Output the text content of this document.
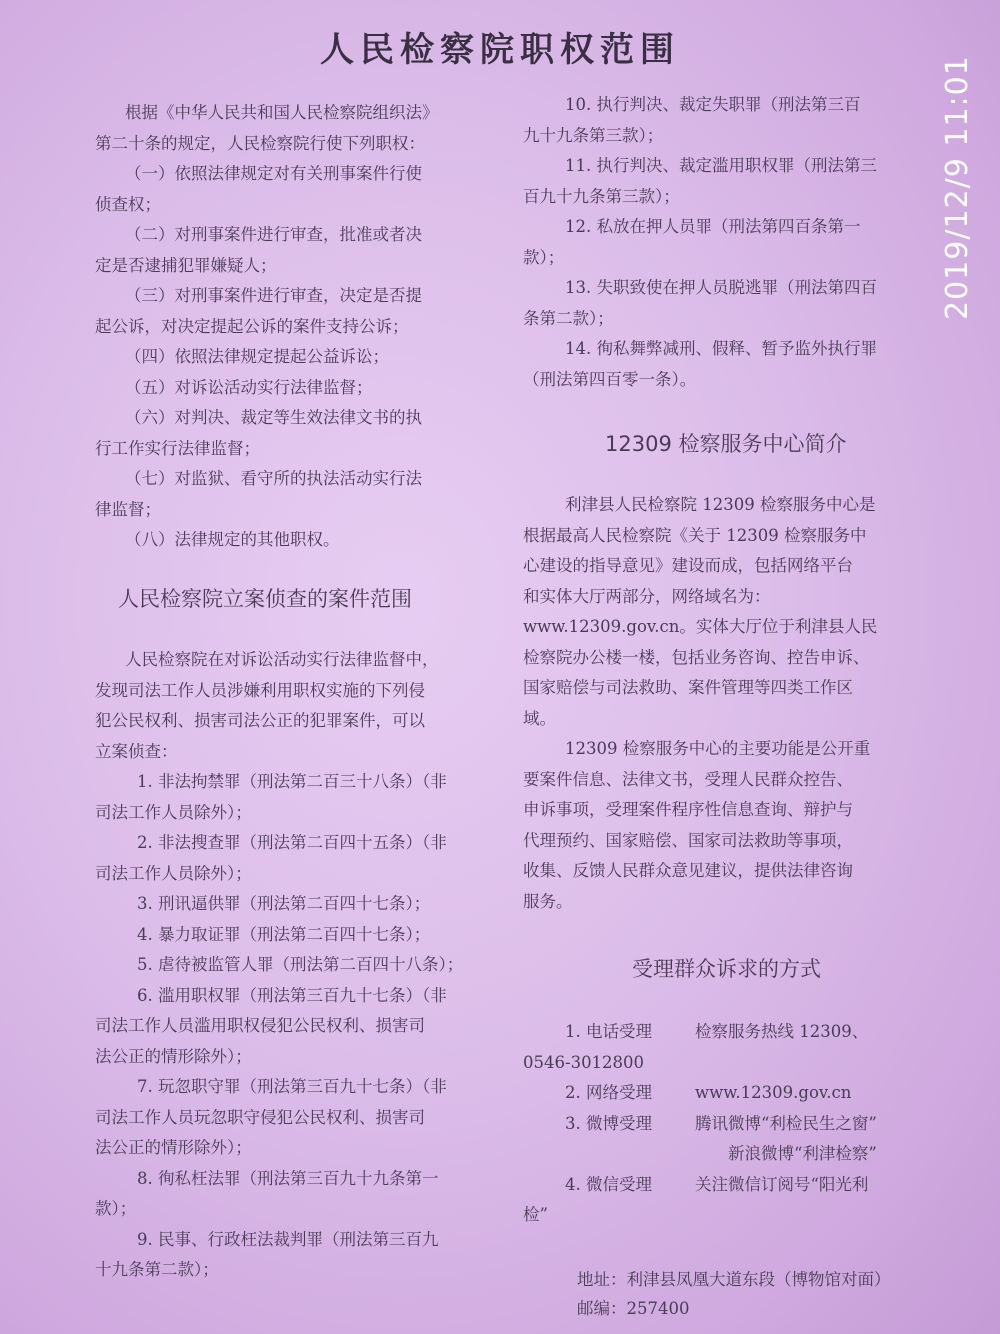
人民检察院职权范围
2019/12/9 11:01
根据《中华人民共和国人民检察院组织法》
第二十条的规定，人民检察院行使下列职权：
（一）依照法律规定对有关刑事案件行使
侦查权；
（二）对刑事案件进行审查，批准或者决
定是否逮捕犯罪嫌疑人；
（三）对刑事案件进行审查，决定是否提
起公诉，对决定提起公诉的案件支持公诉；
（四）依照法律规定提起公益诉讼；
（五）对诉讼活动实行法律监督；
（六）对判决、裁定等生效法律文书的执
行工作实行法律监督；
（七）对监狱、看守所的执法活动实行法
律监督；
（八）法律规定的其他职权。
人民检察院立案侦查的案件范围
人民检察院在对诉讼活动实行法律监督中，
发现司法工作人员涉嫌利用职权实施的下列侵
犯公民权利、损害司法公正的犯罪案件，可以
立案侦查：
1. 非法拘禁罪（刑法第二百三十八条）（非
司法工作人员除外）；
2. 非法搜查罪（刑法第二百四十五条）（非
司法工作人员除外）；
3. 刑讯逼供罪（刑法第二百四十七条）；
4. 暴力取证罪（刑法第二百四十七条）；
5. 虐待被监管人罪（刑法第二百四十八条）；
6. 滥用职权罪（刑法第三百九十七条）（非
司法工作人员滥用职权侵犯公民权利、损害司
法公正的情形除外）；
7. 玩忽职守罪（刑法第三百九十七条）（非
司法工作人员玩忽职守侵犯公民权利、损害司
法公正的情形除外）；
8. 徇私枉法罪（刑法第三百九十九条第一
款）；
9. 民事、行政枉法裁判罪（刑法第三百九
十九条第二款）；
10. 执行判决、裁定失职罪（刑法第三百
九十九条第三款）；
11. 执行判决、裁定滥用职权罪（刑法第三
百九十九条第三款）；
12. 私放在押人员罪（刑法第四百条第一
款）；
13. 失职致使在押人员脱逃罪（刑法第四百
条第二款）；
14. 徇私舞弊减刑、假释、暂予监外执行罪
（刑法第四百零一条）。
12309 检察服务中心简介
利津县人民检察院 12309 检察服务中心是
根据最高人民检察院《关于 12309 检察服务中
心建设的指导意见》建设而成，包括网络平台
和实体大厅两部分，网络域名为：
www.12309.gov.cn。实体大厅位于利津县人民
检察院办公楼一楼，包括业务咨询、控告申诉、
国家赔偿与司法救助、案件管理等四类工作区
域。
12309 检察服务中心的主要功能是公开重
要案件信息、法律文书，受理人民群众控告、
申诉事项，受理案件程序性信息查询、辩护与
代理预约、国家赔偿、国家司法救助等事项，
收集、反馈人民群众意见建议，提供法律咨询
服务。
受理群众诉求的方式
1. 电话受理	检察服务热线 12309、
0546-3012800
2. 网络受理	www.12309.gov.cn
3. 微博受理	腾讯微博“利检民生之窗”
新浪微博“利津检察”
4. 微信受理	关注微信订阅号“阳光利
检”
地址：利津县凤凰大道东段（博物馆对面）
邮编：257400
